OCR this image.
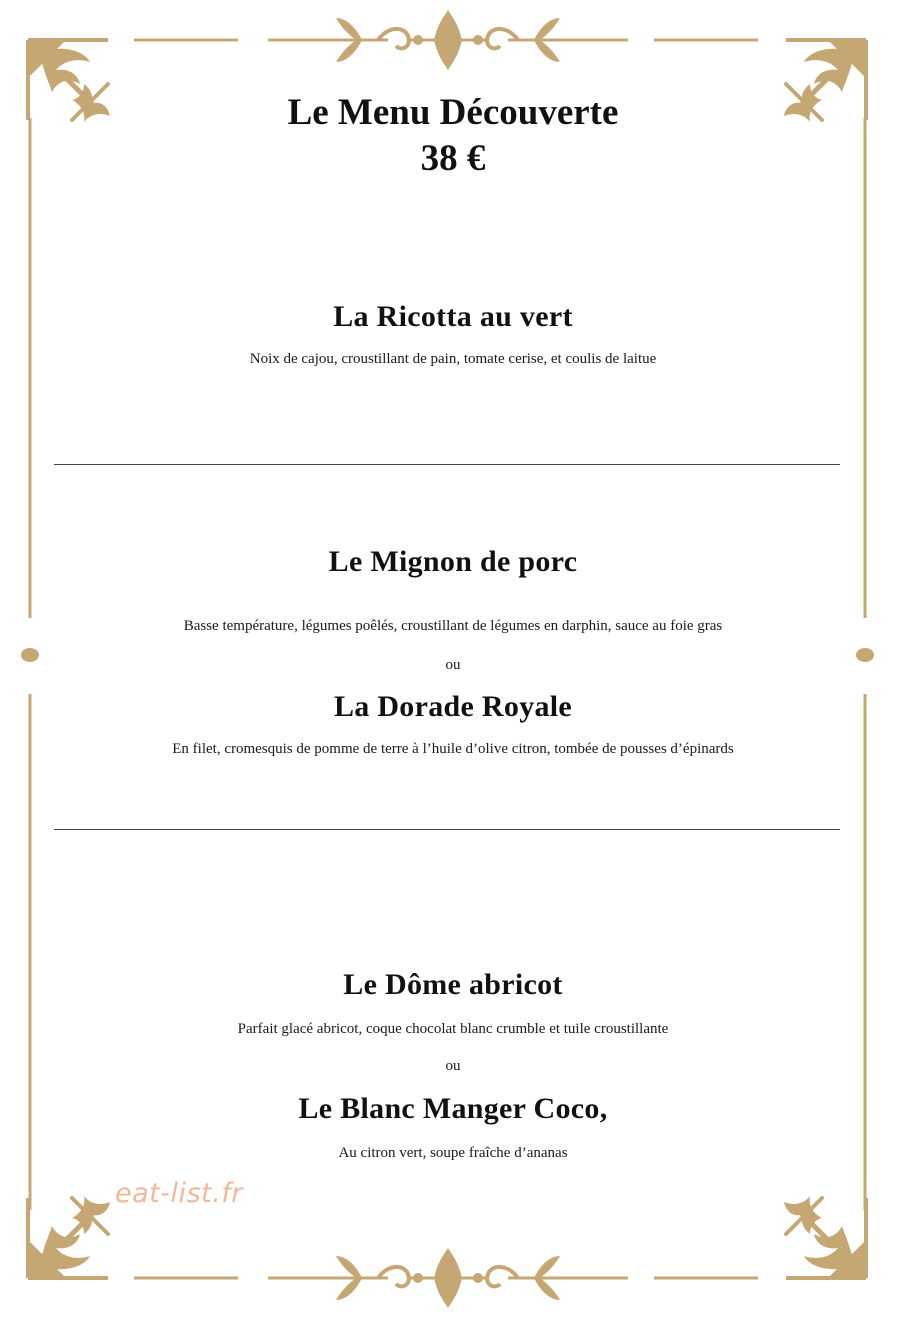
Le Menu Découverte
38 €
La Ricotta au vert

Noix de cajou, croustillant de pain, tomate cerise, et coulis de laitue

Le Mignon de porc

Basse température, légumes poêlés, croustillant de légumes en darphin, sauce au foie gras

ou

La Dorade Royale

En filet, cromesquis de pomme de terre à l’huile d’olive citron, tombée de pousses d’épinards

Le Dôme abricot

Parfait glacé abricot, coque chocolat blanc crumble et tuile croustillante

ou

Le Blanc Manger Coco,

Au citron vert, soupe fraîche d’ananas

eat-list.fr
